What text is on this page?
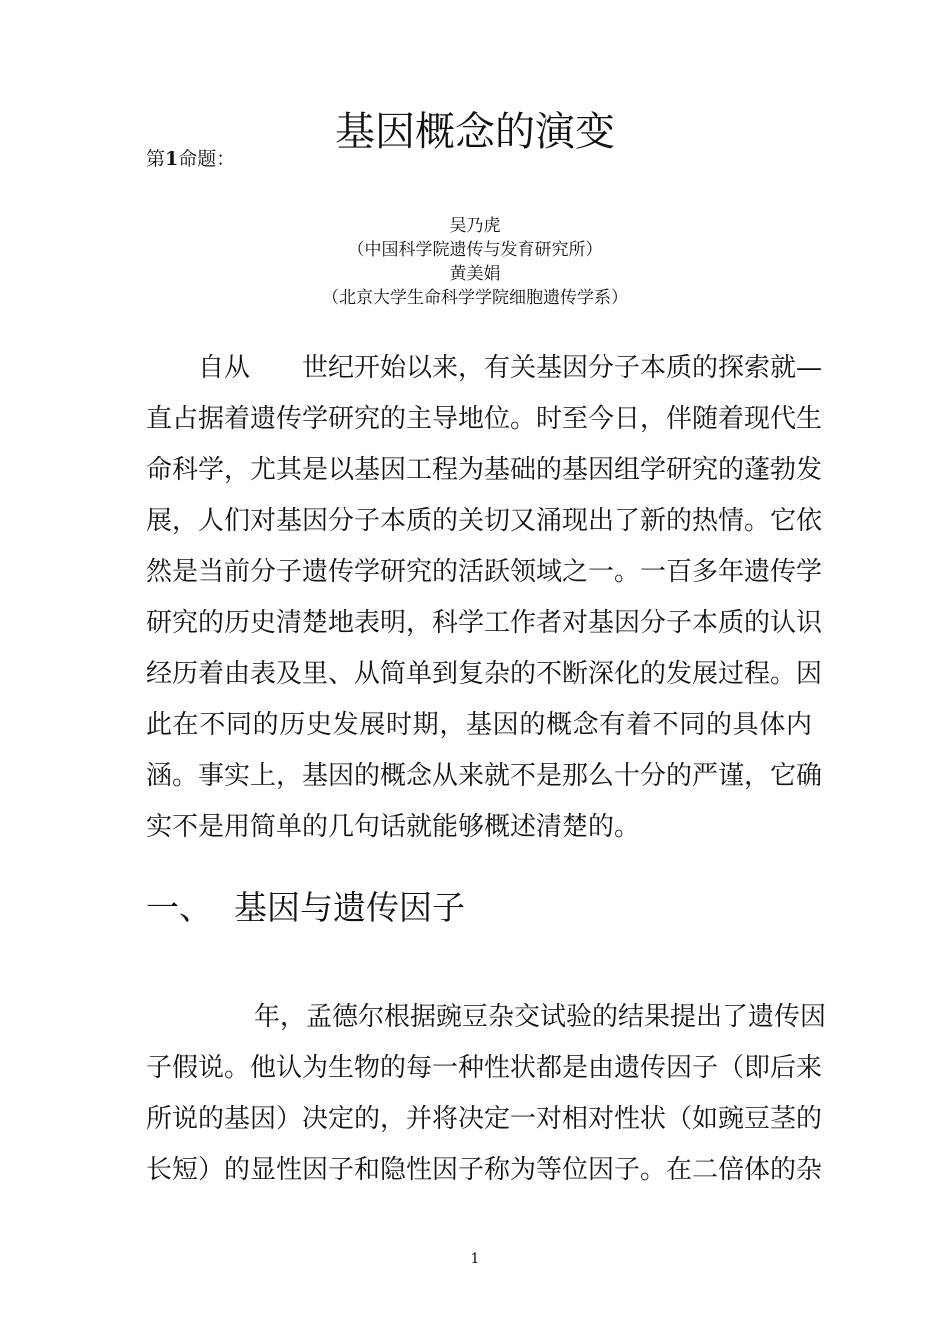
第1命题：
基因概念的演变
吴乃虎
（中国科学院遗传与发育研究所）
黄美娟
（北京大学生命科学学院细胞遗传学系）
自从　　世纪开始以来，有关基因分子本质的探索就—
直占据着遗传学研究的主导地位。时至今日，伴随着现代生
命科学，尤其是以基因工程为基础的基因组学研究的蓬勃发
展，人们对基因分子本质的关切又涌现出了新的热情。它依
然是当前分子遗传学研究的活跃领域之一。一百多年遗传学
研究的历史清楚地表明，科学工作者对基因分子本质的认识
经历着由表及里、从简单到复杂的不断深化的发展过程。因
此在不同的历史发展时期，基因的概念有着不同的具体内
涵。事实上，基因的概念从来就不是那么十分的严谨，它确
实不是用简单的几句话就能够概述清楚的。
一、 基因与遗传因子
年，孟德尔根据豌豆杂交试验的结果提出了遗传因
子假说。他认为生物的每一种性状都是由遗传因子（即后来
所说的基因）决定的，并将决定一对相对性状（如豌豆茎的
长短）的显性因子和隐性因子称为等位因子。在二倍体的杂
1
